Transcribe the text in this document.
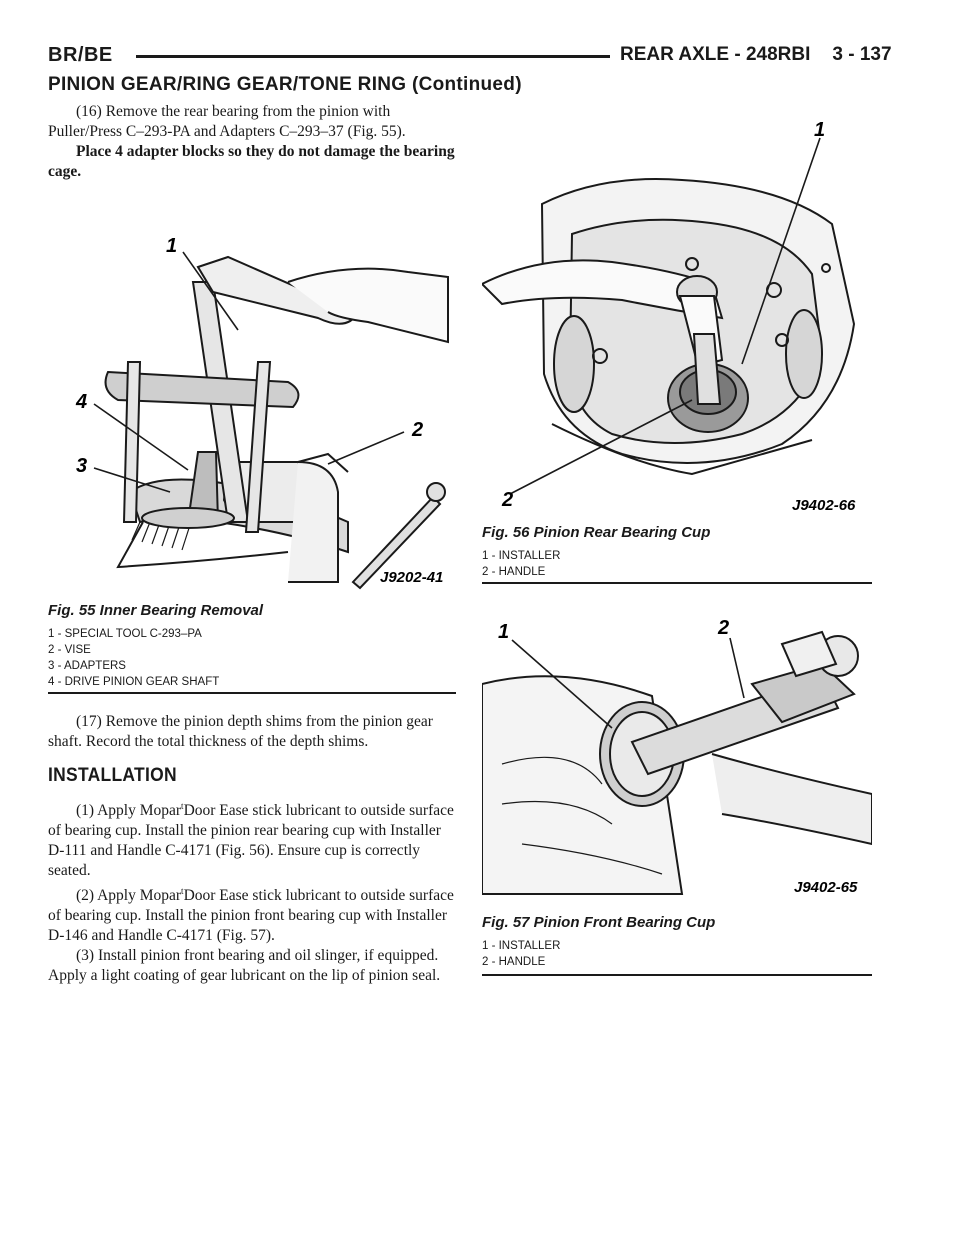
BR/BE	REAR AXLE - 248RBI 3 - 137
PINION GEAR/RING GEAR/TONE RING (Continued)

(16) Remove the rear bearing from the pinion with Puller/Press C–293-PA and Adapters C–293–37 (Fig. 55).

Place 4 adapter blocks so they do not damage the bearing cage.

1
4
3
2
J9202-41
Fig. 55 Inner Bearing Removal
1 - SPECIAL TOOL C-293–PA
2 - VISE
3 - ADAPTERS
4 - DRIVE PINION GEAR SHAFT

(17) Remove the pinion depth shims from the pinion gear shaft. Record the total thickness of the depth shims.

INSTALLATION

(1) Apply Mopar$^t$Door Ease stick lubricant to outside surface of bearing cup. Install the pinion rear bearing cup with Installer D-111 and Handle C-4171 (Fig. 56). Ensure cup is correctly seated.

(2) Apply Mopar$^t$Door Ease stick lubricant to outside surface of bearing cup. Install the pinion front bearing cup with Installer D-146 and Handle C-4171 (Fig. 57).

(3) Install pinion front bearing and oil slinger, if equipped. Apply a light coating of gear lubricant on the lip of pinion seal.

1
2	J9402-66
Fig. 56 Pinion Rear Bearing Cup
1 - INSTALLER
2 - HANDLE
1	2
J9402-65
Fig. 57 Pinion Front Bearing Cup
1 - INSTALLER
2 - HANDLE
